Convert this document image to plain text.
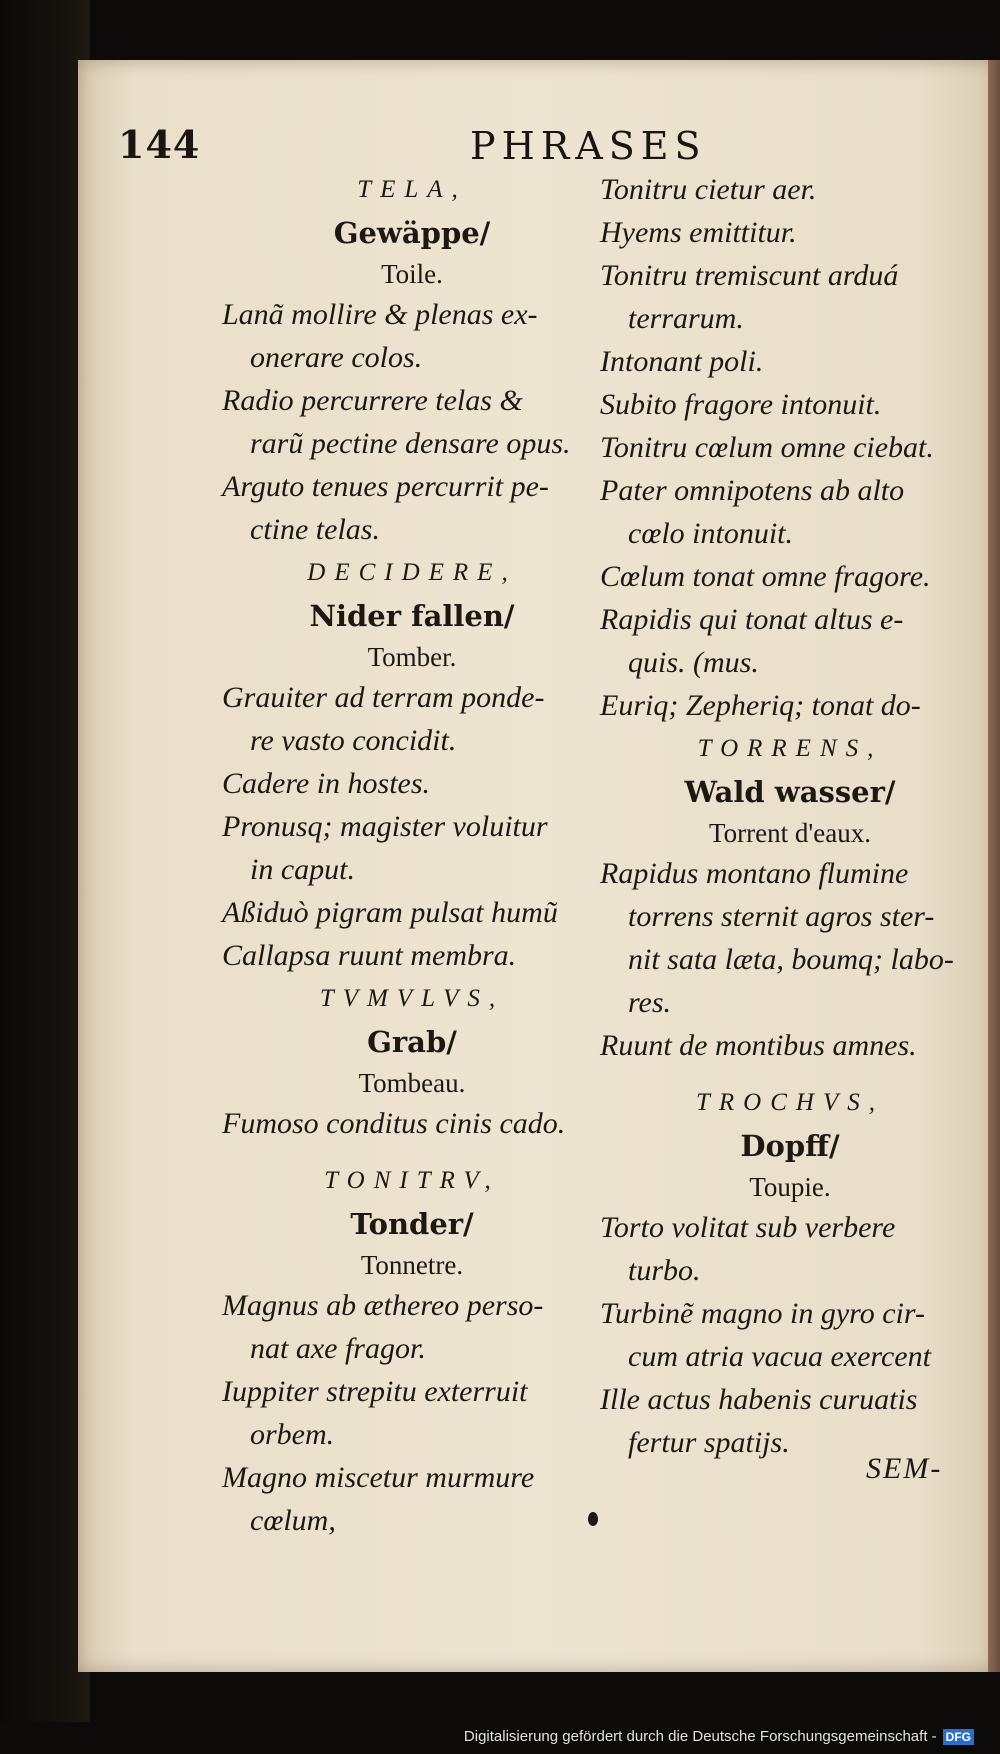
144	PHRASES
TELA,
Gewäppe/
Toile.
Lanã mollire & plenas ex-
onerare colos.
Radio percurrere telas &
rarũ pectine densare opus.
Arguto tenues percurrit pe-
ctine telas.
DECIDERE,
Nider fallen/
Tomber.
Grauiter ad terram ponde-
re vasto concidit.
Cadere in hostes.
Pronusq; magister voluitur
in caput.
Aßiduò pigram pulsat humũ
Callapsa ruunt membra.
TVMVLVS,
Grab/
Tombeau.
Fumoso conditus cinis cado.
TONITRV,
Tonder/
Tonnetre.
Magnus ab æthereo perso-
nat axe fragor.
Iuppiter strepitu exterruit
orbem.
Magno miscetur murmure
cœlum,
Tonitru cietur aer.
Hyems emittitur.
Tonitru tremiscunt arduá
terrarum.
Intonant poli.
Subito fragore intonuit.
Tonitru cœlum omne ciebat.
Pater omnipotens ab alto
cœlo intonuit.
Cœlum tonat omne fragore.
Rapidis qui tonat altus e-
quis. (mus.
Euriq; Zepheriq; tonat do-
TORRENS,
Wald wasser/
Torrent d'eaux.
Rapidus montano flumine
torrens sternit agros ster-
nit sata læta, boumq; labo-
res.
Ruunt de montibus amnes.
TROCHVS,
Dopff/
Toupie.
Torto volitat sub verbere
turbo.
Turbinẽ magno in gyro cir-
cum atria vacua exercent
Ille actus habenis curuatis
fertur spatijs.
SEM-
Digitalisierung gefördert durch die Deutsche Forschungsgemeinschaft - DFG
